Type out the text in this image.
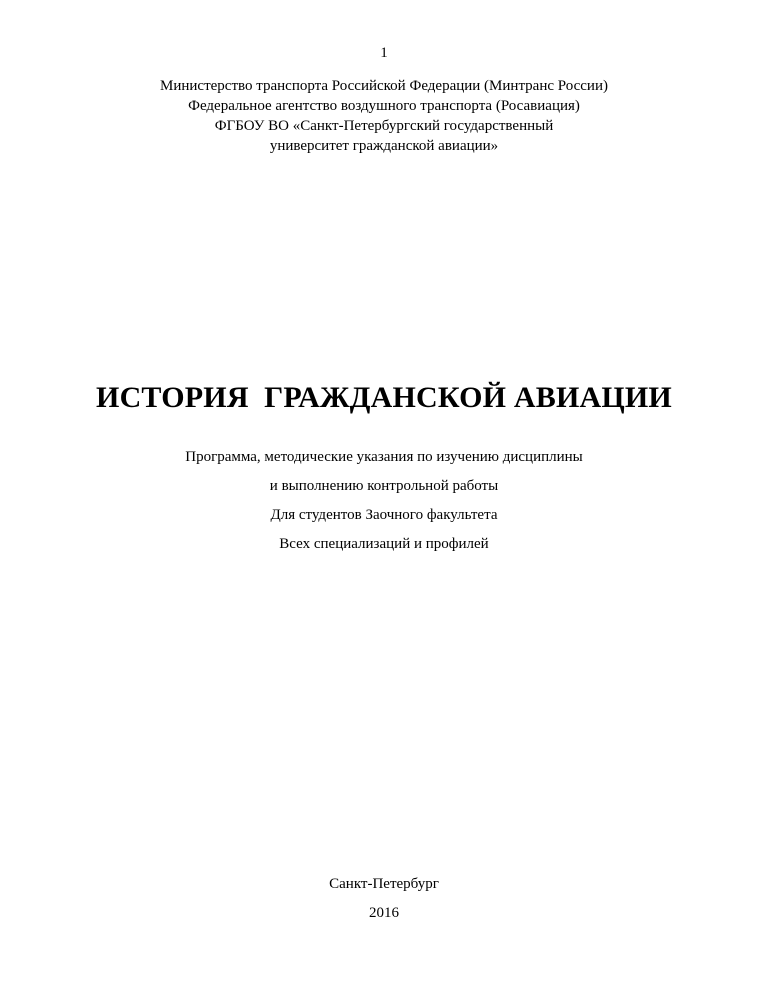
1
Министерство транспорта Российской Федерации (Минтранс России)
Федеральное агентство воздушного транспорта (Росавиация)
ФГБОУ ВО «Санкт-Петербургский государственный
университет гражданской авиации»
ИСТОРИЯ  ГРАЖДАНСКОЙ АВИАЦИИ
Программа, методические указания по изучению дисциплины
и выполнению контрольной работы
Для студентов Заочного факультета
Всех специализаций и профилей
Санкт-Петербург
2016
